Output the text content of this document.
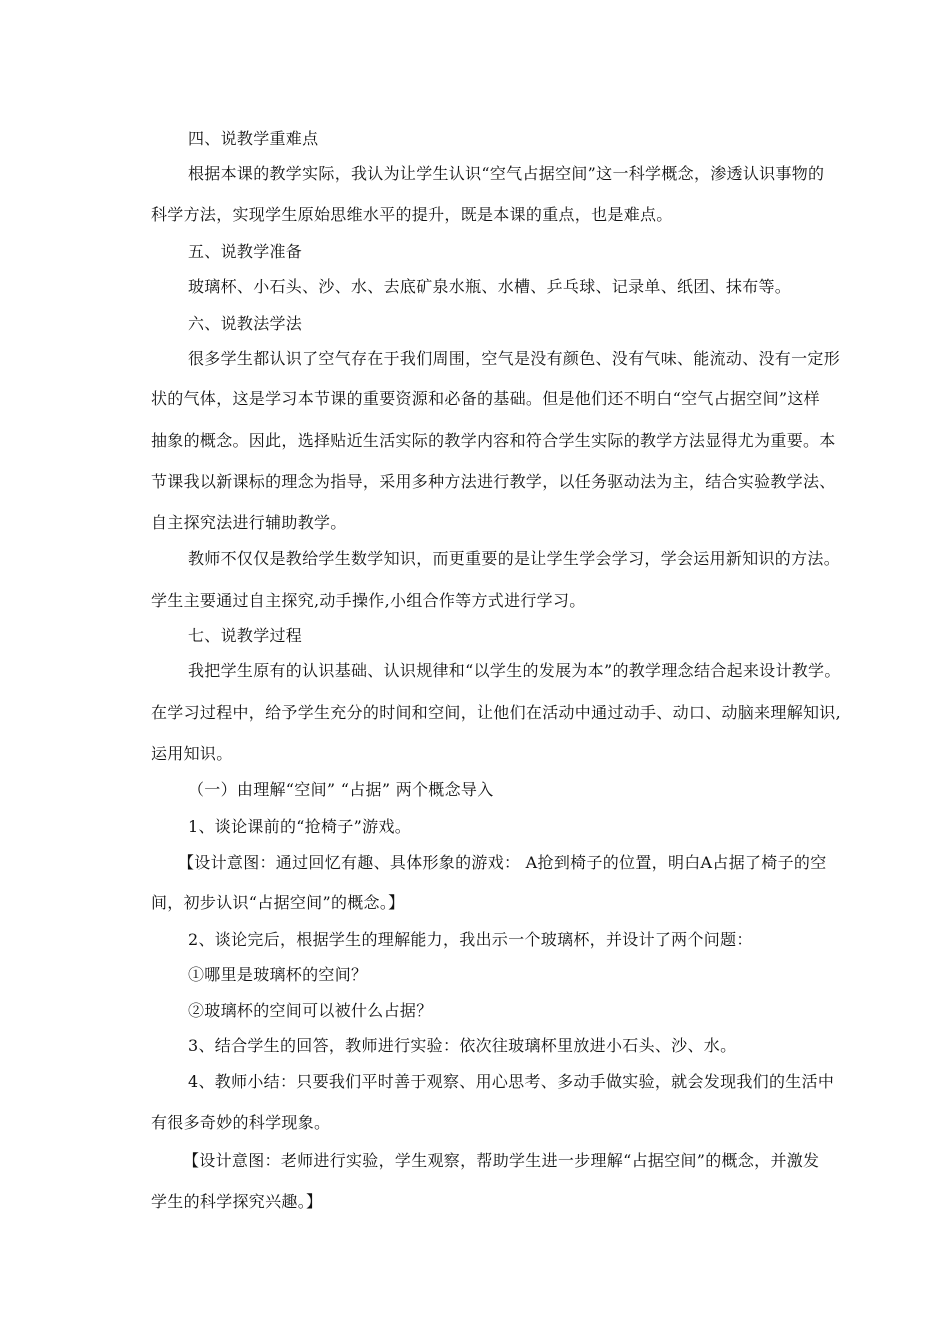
四、说教学重难点
根据本课的教学实际，我认为让学生认识“空气占据空间”这一科学概念，渗透认识事物的
科学方法，实现学生原始思维水平的提升，既是本课的重点，也是难点。
五、说教学准备
玻璃杯、小石头、沙、水、去底矿泉水瓶、水槽、乒乓球、记录单、纸团、抹布等。
六、说教法学法
很多学生都认识了空气存在于我们周围，空气是没有颜色、没有气味、能流动、没有一定形
状的气体，这是学习本节课的重要资源和必备的基础。但是他们还不明白“空气占据空间”这样
抽象的概念。因此，选择贴近生活实际的教学内容和符合学生实际的教学方法显得尤为重要。本
节课我以新课标的理念为指导，采用多种方法进行教学，以任务驱动法为主，结合实验教学法、
自主探究法进行辅助教学。
教师不仅仅是教给学生数学知识，而更重要的是让学生学会学习，学会运用新知识的方法。
学生主要通过自主探究,动手操作,小组合作等方式进行学习。
七、说教学过程
我把学生原有的认识基础、认识规律和“以学生的发展为本”的教学理念结合起来设计教学。
在学习过程中，给予学生充分的时间和空间，让他们在活动中通过动手、动口、动脑来理解知识,
运用知识。
（一）由理解“空间” “占据” 两个概念导入
1、谈论课前的“抢椅子”游戏。
【设计意图：通过回忆有趣、具体形象的游戏： A抢到椅子的位置，明白A占据了椅子的空
间，初步认识“占据空间”的概念。】
2、谈论完后，根据学生的理解能力，我出示一个玻璃杯，并设计了两个问题：
①哪里是玻璃杯的空间？
②玻璃杯的空间可以被什么占据？
3、结合学生的回答，教师进行实验：依次往玻璃杯里放进小石头、沙、水。
4、教师小结：只要我们平时善于观察、用心思考、多动手做实验，就会发现我们的生活中
有很多奇妙的科学现象。
【设计意图：老师进行实验，学生观察，帮助学生进一步理解“占据空间”的概念，并激发
学生的科学探究兴趣。】
